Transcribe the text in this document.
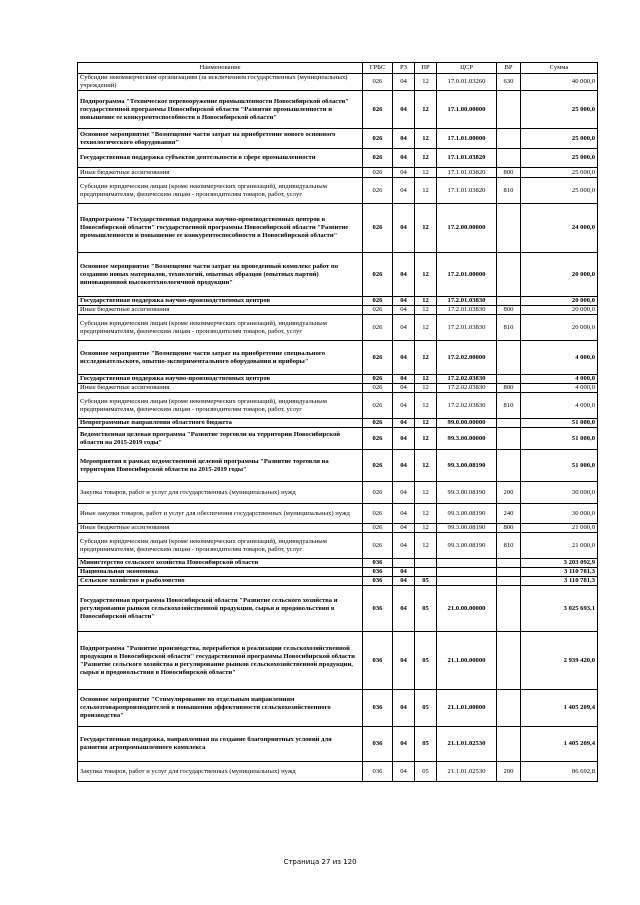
Наименование	ГРБС	РЗ	ПР	ЦСР	ВР	Сумма
Субсидии некоммерческим организациям (за исключением государственных (муниципальных) учреждений)	026	04	12	17.0.01.03260	630	40 000,0
Подпрограмма "Техническое перевооружение промышленности Новосибирской области" государственной программы Новосибирской области "Развитие промышленности и повышение ее конкурентоспособности в Новосибирской области"	026	04	12	17.1.00.00000		25 000,0
Основное мероприятие "Возмещение части затрат на приобретение нового основного технологического оборудования"	026	04	12	17.1.01.00000		25 000,0
Государственная поддержка субъектов деятельности в сфере промышленности	026	04	12	17.1.01.03820		25 000,0
Иные бюджетные ассигнования	026	04	12	17.1.01.03820	800	25 000,0
Субсидии юридическим лицам (кроме некоммерческих организаций), индивидуальным предпринимателям, физическим лицам - производителям товаров, работ, услуг	026	04	12	17.1.01.03820	810	25 000,0
Подпрограмма "Государственная поддержка научно-производственных центров в Новосибирской области" государственной программы Новосибирской области "Развитие промышленности и повышение ее конкурентоспособности в Новосибирской области"	026	04	12	17.2.00.00000		24 000,0
Основное мероприятие "Возмещение части затрат на проведенный комплекс работ по созданию новых материалов, технологий, опытных образцов (опытных партий) инновационной высокотехнологичной продукции"	026	04	12	17.2.01.00000		20 000,0
Государственная поддержка научно-производственных центров	026	04	12	17.2.01.03830		20 000,0
Иные бюджетные ассигнования	026	04	12	17.2.01.03830	800	20 000,0
Субсидии юридическим лицам (кроме некоммерческих организаций), индивидуальным предпринимателям, физическим лицам - производителям товаров, работ, услуг	026	04	12	17.2.01.03830	810	20 000,0
Основное мероприятие "Возмещение части затрат на приобретение специального исследовательского, опытно-экспериментального оборудования и приборы"	026	04	12	17.2.02.00000		4 000,0
Государственная поддержка научно-производственных центров	026	04	12	17.2.02.03830		4 000,0
Иные бюджетные ассигнования	026	04	12	17.2.02.03830	800	4 000,0
Субсидии юридическим лицам (кроме некоммерческих организаций), индивидуальным предпринимателям, физическим лицам - производителям товаров, работ, услуг	026	04	12	17.2.02.03830	810	4 000,0
Непрограммные направления областного бюджета	026	04	12	99.0.00.00000		51 000,0
Ведомственная целевая программа "Развитие торговли на территории Новосибирской области на 2015-2019 годы"	026	04	12	99.3.00.00000		51 000,0
Мероприятия в рамках ведомственной целевой программы "Развитие торговли на территории Новосибирской области на 2015-2019 годы"	026	04	12	99.3.00.08190		51 000,0
Закупка товаров, работ и услуг для государственных (муниципальных) нужд	026	04	12	99.3.00.08190	200	30 000,0
Иные закупки товаров, работ и услуг для обеспечения государственных (муниципальных) нужд	026	04	12	99.3.00.08190	240	30 000,0
Иные бюджетные ассигнования	026	04	12	99.3.00.08190	800	21 000,0
Субсидии юридическим лицам (кроме некоммерческих организаций), индивидуальным предпринимателям, физическим лицам - производителям товаров, работ, услуг	026	04	12	99.3.00.08190	810	21 000,0
Министерство сельского хозяйства Новосибирской области	036					3 203 092,9
Национальная экономика	036	04				3 110 781,3
Сельское хозяйство и рыболовство	036	04	05			3 110 781,3
Государственная программа Новосибирской области "Развитие сельского хозяйства и регулирования рынков сельскохозяйственной продукции, сырья и продовольствия в Новосибирской области"	036	04	05	21.0.00.00000		3 025 693,1
Подпрограмма "Развитие производства, переработки и реализации сельскохозяйственной продукции в Новосибирской области" государственной программы Новосибирской области "Развитие сельского хозяйства и регулирование рынков сельскохозяйственной продукции, сырья и продовольствия в Новосибирской области"	036	04	05	21.1.00.00000		2 939 420,0
Основное мероприятие "Стимулирование по отдельным направлениям сельхозтоваропроизводителей в повышении эффективности сельскохозяйственного производства"	036	04	05	21.1.01.00000		1 405 209,4
Государственная поддержка, направленная на создание благоприятных условий для развития агропромышленного комплекса	036	04	05	21.1.01.02530		1 405 209,4
Закупка товаров, работ и услуг для государственных (муниципальных) нужд	036	04	05	21.1.01.02530	200	86 692,8
Страница 27 из 120
